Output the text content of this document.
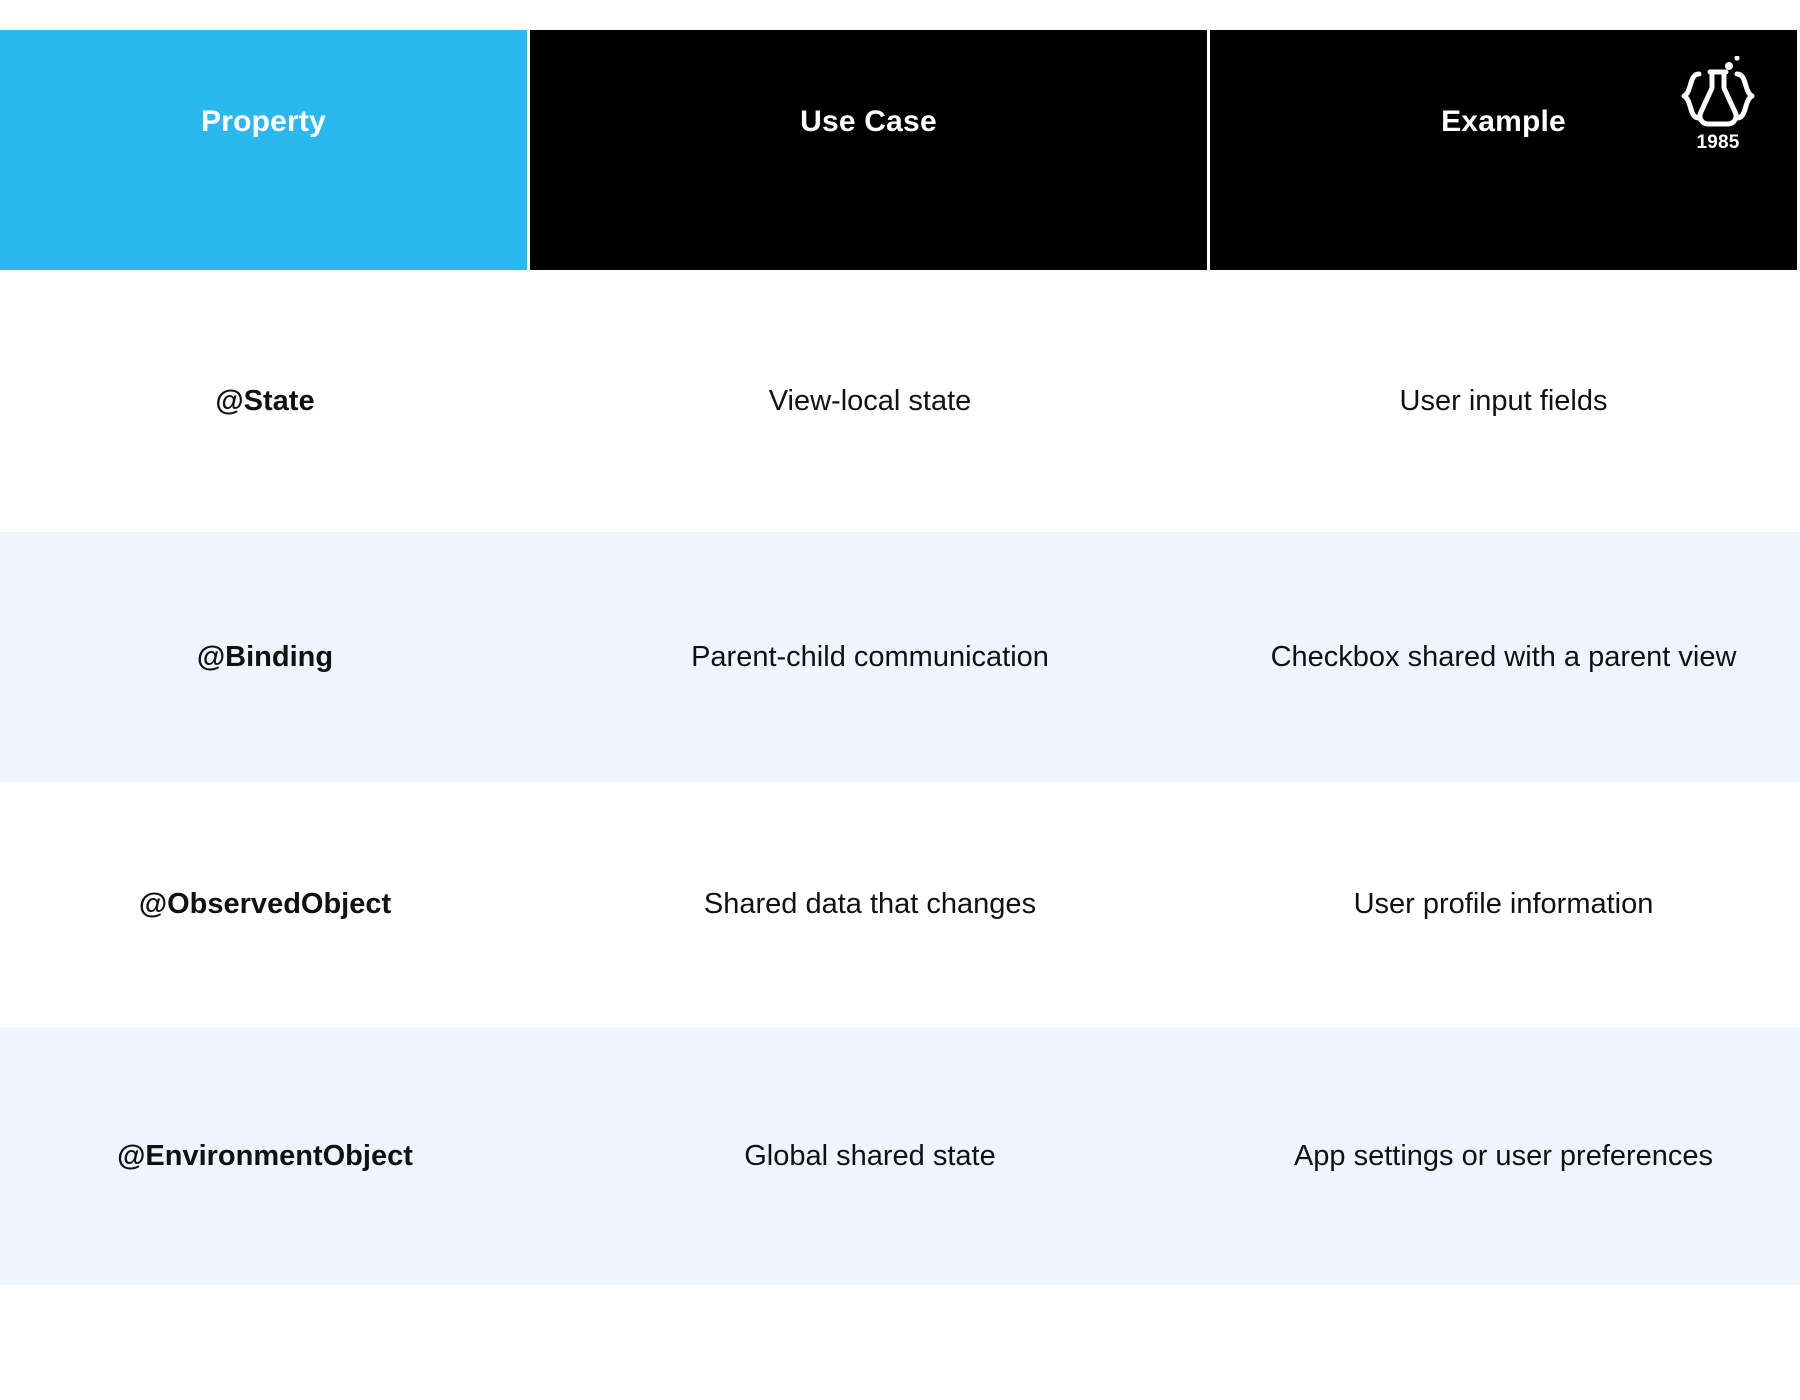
Property	Use Case	Example
1985
@State	View-local state	User input fields
@Binding	Parent-child communication	Checkbox shared with a parent view
@ObservedObject	Shared data that changes	User profile information
@EnvironmentObject	Global shared state	App settings or user preferences
